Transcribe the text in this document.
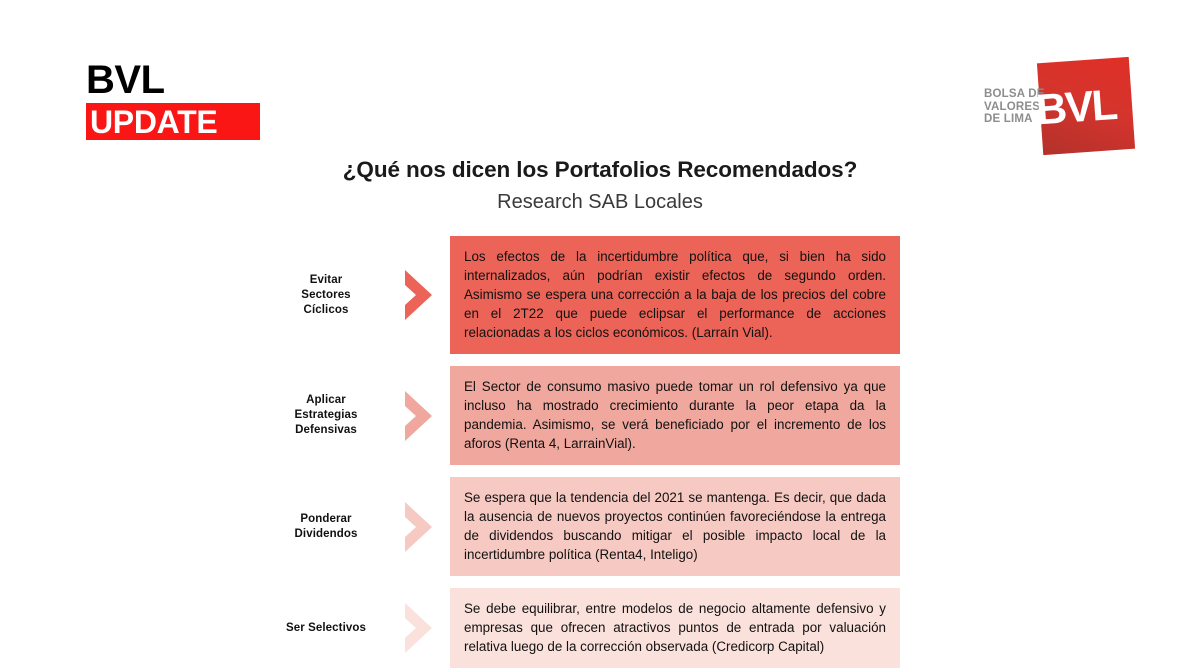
BVL
UPDATE
BOLSA DE
VALORES
DE LIMA BVL
¿Qué nos dicen los Portafolios Recomendados?
Research SAB Locales
Evitar
Sectores
Cíclicos

Los efectos de la incertidumbre política que, si bien ha sido internalizados, aún podrían existir efectos de segundo orden. Asimismo se espera una corrección a la baja de los precios del cobre en el 2T22 que puede eclipsar el performance de acciones relacionadas a los ciclos económicos. (Larraín Vial).

Aplicar
Estrategias
Defensivas

El Sector de consumo masivo puede tomar un rol defensivo ya que incluso ha mostrado crecimiento durante la peor etapa da la pandemia. Asimismo, se verá beneficiado por el incremento de los aforos (Renta 4, LarrainVial).

Ponderar
Dividendos

Se espera que la tendencia del 2021 se mantenga. Es decir, que dada la ausencia de nuevos proyectos continúen favoreciéndose la entrega de dividendos buscando mitigar el posible impacto local de la incertidumbre política (Renta4, Inteligo)

Ser Selectivos

Se debe equilibrar, entre modelos de negocio altamente defensivo y empresas que ofrecen atractivos puntos de entrada por valuación relativa luego de la corrección observada (Credicorp Capital)
